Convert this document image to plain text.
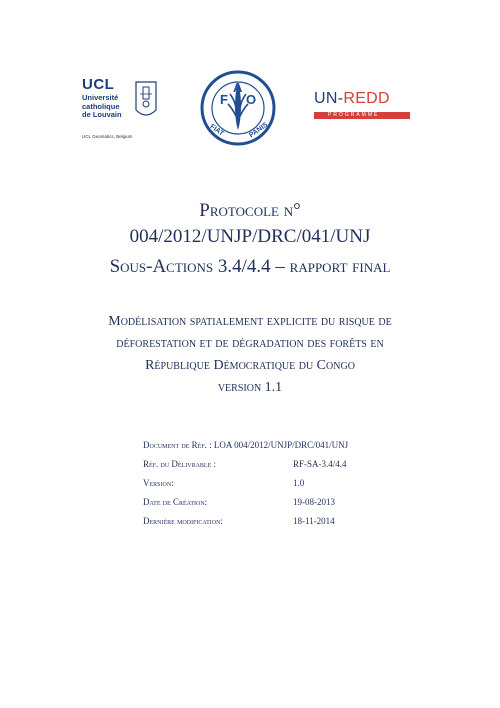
UCL
Université
catholique
de Louvain
UCL Geomatics, Belgium
F
A
O
FIAT	PANIS
UN-REDD
PROGRAMME
Protocole n°
004/2012/UNJP/DRC/041/UNJ
Sous-Actions 3.4/4.4 – rapport final
Modélisation spatialement explicite du risque de
déforestation et de dégradation des forêts en
République Démocratique du Congo
version 1.1
Document de Réf. : LOA 004/2012/UNJP/DRC/041/UNJ
Réf. du Délivrable :	RF-SA-3.4/4.4
Version:	1.0
Date de Création:	19-08-2013
Dernière modification:	18-11-2014
